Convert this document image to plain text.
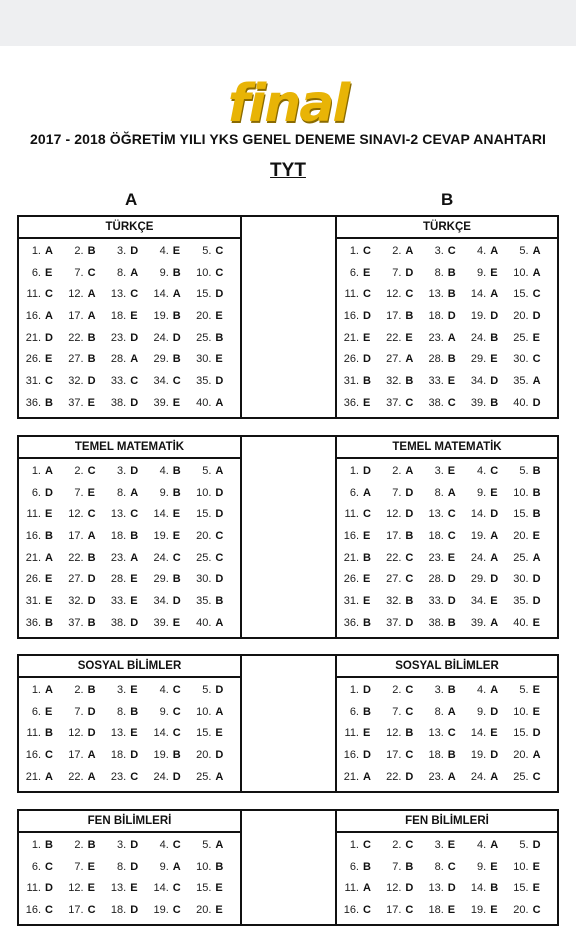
final
2017 - 2018 ÖĞRETİM YILI YKS GENEL DENEME SINAVI-2 CEVAP ANAHTARI
TYT
A	B
TÜRKÇE
1. A	2. B	3. D	4. E	5. C
6. E	7. C	8. A	9. B	10. C
11. C	12. A	13. C	14. A	15. D
16. A	17. A	18. E	19. B	20. E
21. D	22. B	23. D	24. D	25. B
26. E	27. B	28. A	29. B	30. E
31. C	32. D	33. C	34. C	35. D
36. B	37. E	38. D	39. E	40. A
TÜRKÇE
1. C	2. A	3. C	4. A	5. A
6. E	7. D	8. B	9. E	10. A
11. C	12. C	13. B	14. A	15. C
16. D	17. B	18. D	19. D	20. D
21. E	22. E	23. A	24. B	25. E
26. D	27. A	28. B	29. E	30. C
31. B	32. B	33. E	34. D	35. A
36. E	37. C	38. C	39. B	40. D
TEMEL MATEMATİK
1. A	2. C	3. D	4. B	5. A
6. D	7. E	8. A	9. B	10. D
11. E	12. C	13. C	14. E	15. D
16. B	17. A	18. B	19. E	20. C
21. A	22. B	23. A	24. C	25. C
26. E	27. D	28. E	29. B	30. D
31. E	32. D	33. E	34. D	35. B
36. B	37. B	38. D	39. E	40. A
TEMEL MATEMATİK
1. D	2. A	3. E	4. C	5. B
6. A	7. D	8. A	9. E	10. B
11. C	12. D	13. C	14. D	15. B
16. E	17. B	18. C	19. A	20. E
21. B	22. C	23. E	24. A	25. A
26. E	27. C	28. D	29. D	30. D
31. E	32. B	33. D	34. E	35. D
36. B	37. D	38. B	39. A	40. E
SOSYAL BİLİMLER
1. A	2. B	3. E	4. C	5. D
6. E	7. D	8. B	9. C	10. A
11. B	12. D	13. E	14. C	15. E
16. C	17. A	18. D	19. B	20. D
21. A	22. A	23. C	24. D	25. A
SOSYAL BİLİMLER
1. D	2. C	3. B	4. A	5. E
6. B	7. C	8. A	9. D	10. E
11. E	12. B	13. C	14. E	15. D
16. D	17. C	18. B	19. D	20. A
21. A	22. D	23. A	24. A	25. C
FEN BİLİMLERİ
1. B	2. B	3. D	4. C	5. A
6. C	7. E	8. D	9. A	10. B
11. D	12. E	13. E	14. C	15. E
16. C	17. C	18. D	19. C	20. E
FEN BİLİMLERİ
1. C	2. C	3. E	4. A	5. D
6. B	7. B	8. C	9. E	10. E
11. A	12. D	13. D	14. B	15. E
16. C	17. C	18. E	19. E	20. C
